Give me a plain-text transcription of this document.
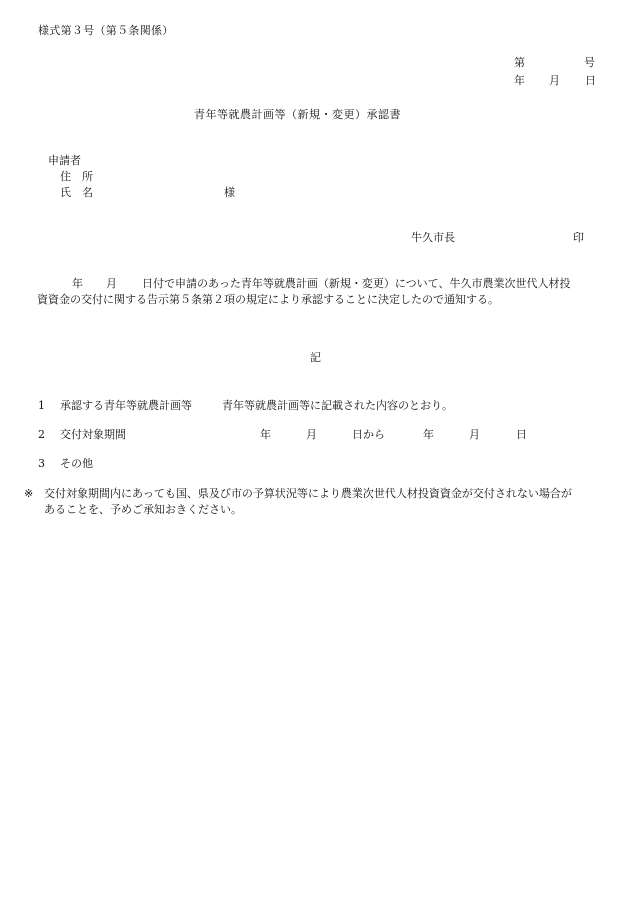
様式第３号（第５条関係）

第	号

年 月 日

青年等就農計画等（新規・変更）承認書

申請者

住　所

氏　名	様

牛久市長	印

年 月 日付で申請のあった青年等就農計画（新規・変更）について、牛久市農業次世代人材投

資資金の交付に関する告示第５条第２項の規定により承認することに決定したので通知する。

記

1 承認する青年等就農計画等	青年等就農計画等に記載された内容のとおり。

2 交付対象期間	年	月	日から	年	月	日

3 その他

※ 交付対象期間内にあっても国、県及び市の予算状況等により農業次世代人材投資資金が交付されない場合が

あることを、予めご承知おきください。
